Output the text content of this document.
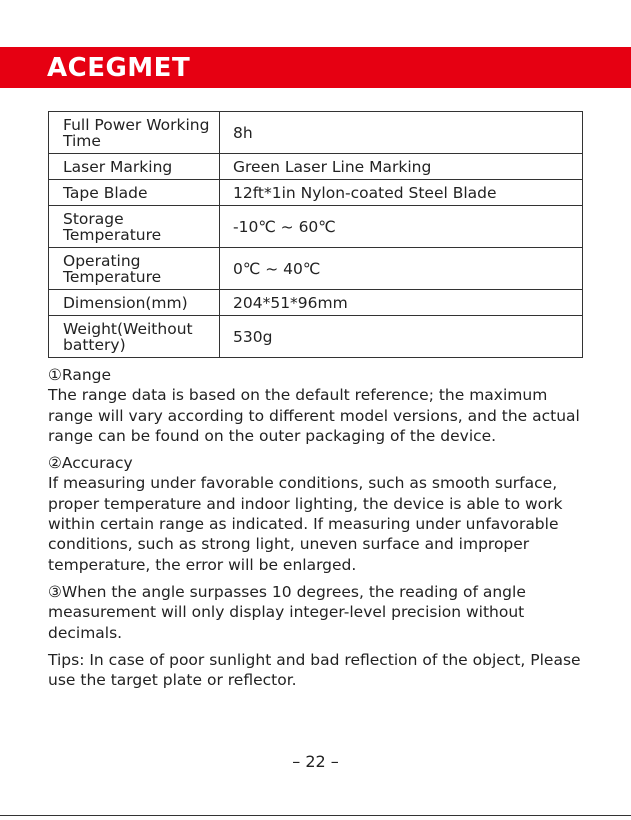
ACEGMET
Full Power Working Time	8h
Laser Marking	Green Laser Line Marking
Tape Blade	12ft*1in Nylon-coated Steel Blade
Storage Temperature	-10℃ ~ 60℃
Operating Temperature	0℃ ~ 40℃
Dimension(mm)	204*51*96mm
Weight(Weithout battery)	530g

①Range
The range data is based on the default reference; the maximum range will vary according to different model versions, and the actual range can be found on the outer packaging of the device.

②Accuracy
If measuring under favorable conditions, such as smooth surface, proper temperature and indoor lighting, the device is able to work within certain range as indicated. If measuring under unfavorable conditions, such as strong light, uneven surface and improper temperature, the error will be enlarged.

③When the angle surpasses 10 degrees, the reading of angle measurement will only display integer-level precision without decimals.

Tips: In case of poor sunlight and bad reflection of the object, Please use the target plate or reflector.

– 22 –
